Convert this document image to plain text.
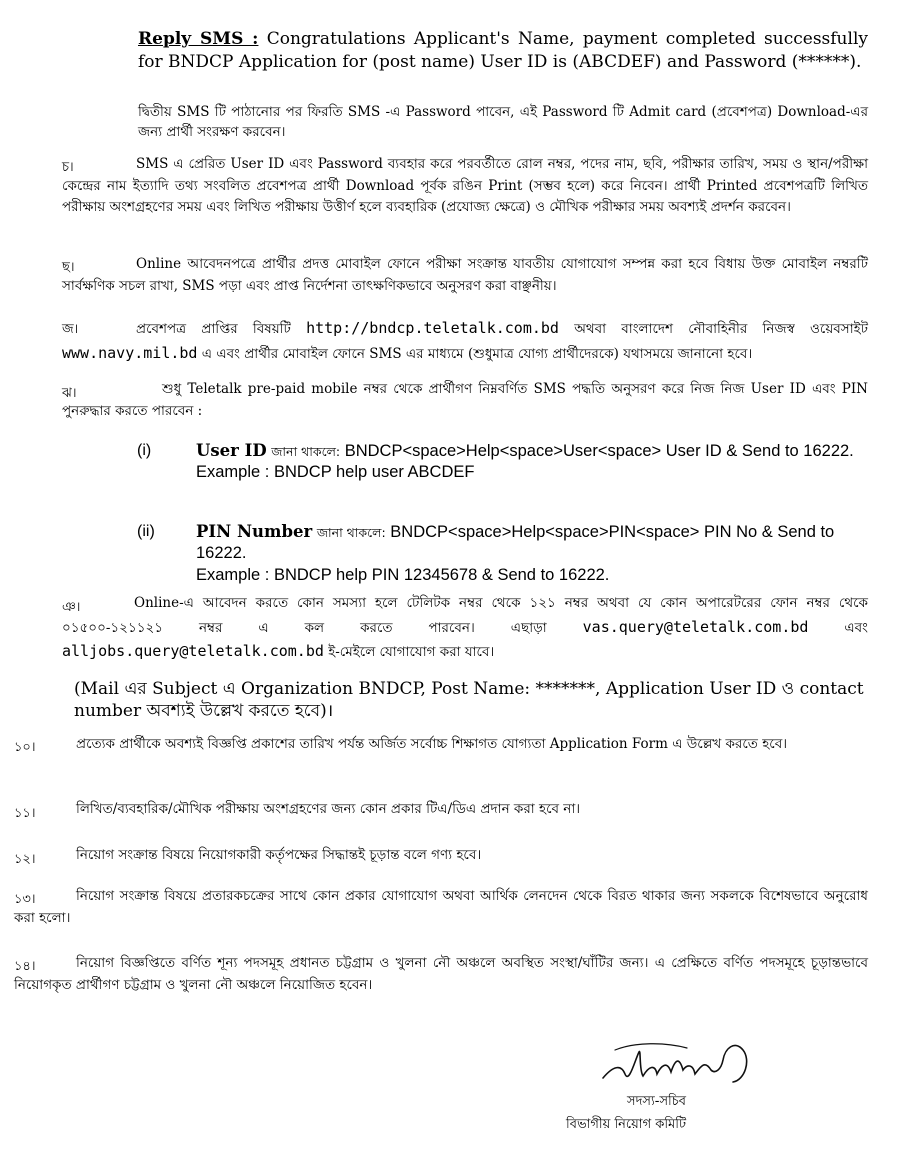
Reply SMS : Congratulations Applicant's Name, payment completed successfully for BNDCP Application for (post name) User ID is (ABCDEF) and Password (******).
দ্বিতীয় SMS টি পাঠানোর পর ফিরতি SMS -এ Password পাবেন, এই Password টি Admit card (প্রবেশপত্র) Download-এর জন্য প্রার্থী সংরক্ষণ করবেন।
চ।	SMS এ প্রেরিত User ID এবং Password ব্যবহার করে পরবর্তীতে রোল নম্বর, পদের নাম, ছবি, পরীক্ষার তারিখ, সময় ও স্থান/পরীক্ষা কেন্দ্রের নাম ইত্যাদি তথ্য সংবলিত প্রবেশপত্র প্রার্থী Download পূর্বক রঙিন Print (সম্ভব হলে) করে নিবেন। প্রার্থী Printed প্রবেশপত্রটি লিখিত পরীক্ষায় অংশগ্রহণের সময় এবং লিখিত পরীক্ষায় উত্তীর্ণ হলে ব্যবহারিক (প্রযোজ্য ক্ষেত্রে) ও মৌখিক পরীক্ষার সময় অবশ্যই প্রদর্শন করবেন।
ছ।	Online আবেদনপত্রে প্রার্থীর প্রদত্ত মোবাইল ফোনে পরীক্ষা সংক্রান্ত যাবতীয় যোগাযোগ সম্পন্ন করা হবে বিধায় উক্ত মোবাইল নম্বরটি সার্বক্ষণিক সচল রাখা, SMS পড়া এবং প্রাপ্ত নির্দেশনা তাৎক্ষণিকভাবে অনুসরণ করা বাঞ্ছনীয়।
জ।	প্রবেশপত্র প্রাপ্তির বিষয়টি http://bndcp.teletalk.com.bd অথবা বাংলাদেশ নৌবাহিনীর নিজস্ব ওয়েবসাইট www.navy.mil.bd এ এবং প্রার্থীর মোবাইল ফোনে SMS এর মাধ্যমে (শুধুমাত্র যোগ্য প্রার্থীদেরকে) যথাসময়ে জানানো হবে।
ঝ।	শুধু Teletalk pre-paid mobile নম্বর থেকে প্রার্থীগণ নিম্নবর্ণিত SMS পদ্ধতি অনুসরণ করে নিজ নিজ User ID এবং PIN পুনরুদ্ধার করতে পারবেন :
(i)	User ID জানা থাকলে: BNDCP<space>Help<space>User<space> User ID & Send to 16222.
Example : BNDCP help user ABCDEF
(ii) PIN Number জানা থাকলে: BNDCP<space>Help<space>PIN<space> PIN No & Send to 16222.
Example : BNDCP help PIN 12345678 & Send to 16222.
ঞ।	Online-এ আবেদন করতে কোন সমস্যা হলে টেলিটক নম্বর থেকে ১২১ নম্বর অথবা যে কোন অপারেটরের ফোন নম্বর থেকে ০১৫০০-১২১১২১ নম্বর এ কল করতে পারবেন। এছাড়া vas.query@teletalk.com.bd	এবং alljobs.query@teletalk.com.bd ই-মেইলে যোগাযোগ করা যাবে।
(Mail এর Subject এ Organization BNDCP, Post Name: *******, Application User ID ও contact number অবশ্যই উল্লেখ করতে হবে)।
১০।	প্রত্যেক প্রার্থীকে অবশ্যই বিজ্ঞপ্তি প্রকাশের তারিখ পর্যন্ত অর্জিত সর্বোচ্চ শিক্ষাগত যোগ্যতা Application Form এ উল্লেখ করতে হবে।
১১।	লিখিত/ব্যবহারিক/মৌখিক পরীক্ষায় অংশগ্রহণের জন্য কোন প্রকার টিএ/ডিএ প্রদান করা হবে না।
১২।	নিয়োগ সংক্রান্ত বিষয়ে নিয়োগকারী কর্তৃপক্ষের সিদ্ধান্তই চূড়ান্ত বলে গণ্য হবে।
১৩।	নিয়োগ সংক্রান্ত বিষয়ে প্রতারকচক্রের সাথে কোন প্রকার যোগাযোগ অথবা আর্থিক লেনদেন থেকে বিরত থাকার জন্য সকলকে বিশেষভাবে অনুরোধ করা হলো।
১৪।	নিয়োগ বিজ্ঞপ্তিতে বর্ণিত শূন্য পদসমূহ প্রধানত চট্টগ্রাম ও খুলনা নৌ অঞ্চলে অবস্থিত সংস্থা/ঘাঁটির জন্য। এ প্রেক্ষিতে বর্ণিত পদসমূহে চূড়ান্তভাবে নিয়োগকৃত প্রার্থীগণ চট্টগ্রাম ও খুলনা নৌ অঞ্চলে নিয়োজিত হবেন।
সদস্য-সচিব
বিভাগীয় নিয়োগ কমিটি
